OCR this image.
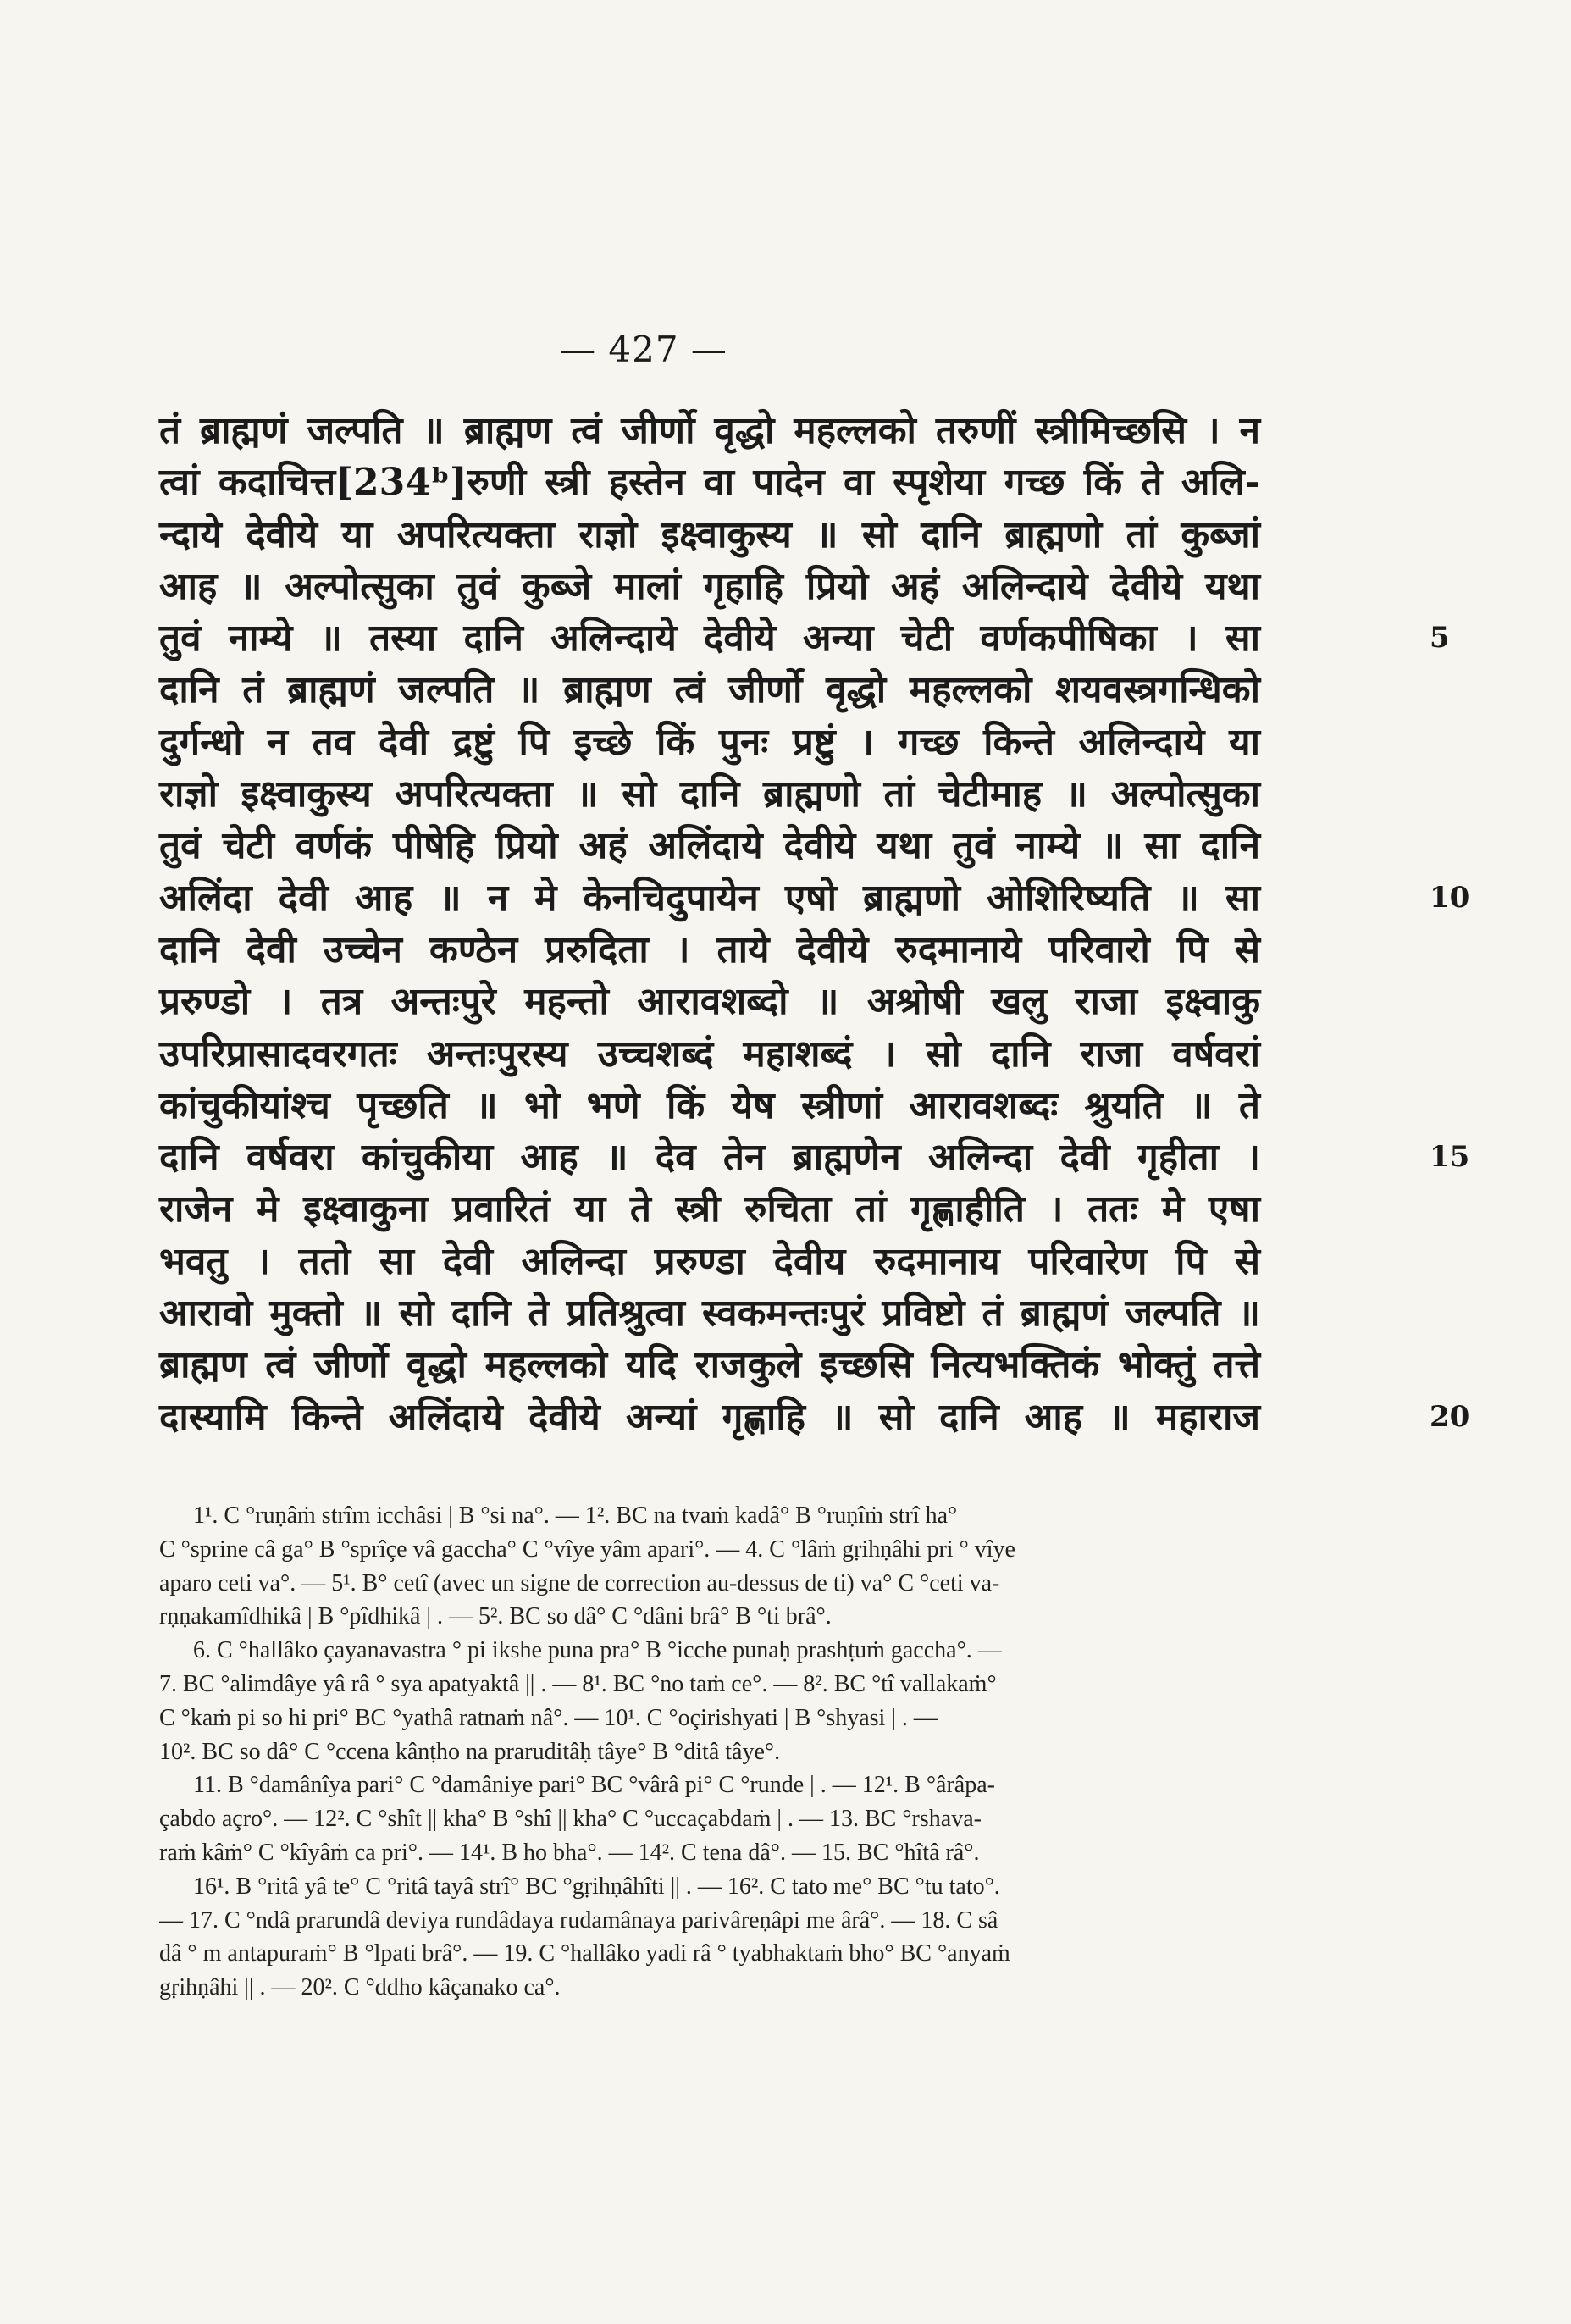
— 427 —
तं ब्राह्मणं जल्पति ॥ ब्राह्मण त्वं जीर्णो वृद्धो महल्लको तरुणीं स्त्रीमिच्छसि । न
त्वां कदाचित्त[234ᵇ]रुणी स्त्री हस्तेन वा पादेन वा स्पृशेया गच्छ किं ते अलि-
न्दाये देवीये या अपरित्यक्ता राज्ञो इक्ष्वाकुस्य ॥ सो दानि ब्राह्मणो तां कुब्जां
आह ॥ अल्पोत्सुका तुवं कुब्जे मालां गृहाहि प्रियो अहं अलिन्दाये देवीये यथा
तुवं नाम्ये ॥ तस्या दानि अलिन्दाये देवीये अन्या चेटी वर्णकपीषिका । सा	5
दानि तं ब्राह्मणं जल्पति ॥ ब्राह्मण त्वं जीर्णो वृद्धो महल्लको शयवस्त्रगन्धिको
दुर्गन्धो न तव देवी द्रष्टुं पि इच्छे किं पुनः प्रष्टुं । गच्छ किन्ते अलिन्दाये या
राज्ञो इक्ष्वाकुस्य अपरित्यक्ता ॥ सो दानि ब्राह्मणो तां चेटीमाह ॥ अल्पोत्सुका
तुवं चेटी वर्णकं पीषेहि प्रियो अहं अलिंदाये देवीये यथा तुवं नाम्ये ॥ सा दानि
अलिंदा देवी आह ॥ न मे केनचिदुपायेन एषो ब्राह्मणो ओशिरिष्यति ॥ सा	10
दानि देवी उच्चेन कण्ठेन प्ररुदिता । ताये देवीये रुदमानाये परिवारो पि से
प्ररुण्डो । तत्र अन्तःपुरे महन्तो आरावशब्दो ॥ अश्रोषी खलु राजा इक्ष्वाकु
उपरिप्रासादवरगतः अन्तःपुरस्य उच्चशब्दं महाशब्दं । सो दानि राजा वर्षवरां
कांचुकीयांश्च पृच्छति ॥ भो भणे किं येष स्त्रीणां आरावशब्दः श्रुयति ॥ ते
दानि वर्षवरा कांचुकीया आह ॥ देव तेन ब्राह्मणेन अलिन्दा देवी गृहीता ।	15
राजेन मे इक्ष्वाकुना प्रवारितं या ते स्त्री रुचिता तां गृह्णाहीति । ततः मे एषा
भवतु । ततो सा देवी अलिन्दा प्ररुण्डा देवीय रुदमानाय परिवारेण पि से
आरावो मुक्तो ॥ सो दानि ते प्रतिश्रुत्वा स्वकमन्तःपुरं प्रविष्टो तं ब्राह्मणं जल्पति ॥
ब्राह्मण त्वं जीर्णो वृद्धो महल्लको यदि राजकुले इच्छसि नित्यभक्तिकं भोक्तुं तत्ते
दास्यामि किन्ते अलिंदाये देवीये अन्यां गृह्णाहि ॥ सो दानि आह ॥ महाराज	20
1¹. C °ruṇâṁ strîm icchâsi | B °si na°. — 1². BC na tvaṁ kadâ° B °ruṇîṁ strî ha°
C °sprine câ ga° B °sprîçe vâ gaccha° C °vîye yâm apari°. — 4. C °lâṁ gṛihṇâhi pri ° vîye
aparo ceti va°. — 5¹. B° cetî (avec un signe de correction au-dessus de ti) va° C °ceti va-
rṇṇakamîdhikâ | B °pîdhikâ | . — 5². BC so dâ° C °dâni brâ° B °ti brâ°.
6. C °hallâko çayanavastra ° pi ikshe puna pra° B °icche punaḥ prashṭuṁ gaccha°. —
7. BC °alimdâye yâ râ ° sya apatyaktâ || . — 8¹. BC °no taṁ ce°. — 8². BC °tî vallakaṁ°
C °kaṁ pi so hi pri° BC °yathâ ratnaṁ nâ°. — 10¹. C °oçirishyati | B °shyasi | . —
10². BC so dâ° C °ccena kânṭho na praruditâḥ tâye° B °ditâ tâye°.
11. B °damânîya pari° C °damâniye pari° BC °vârâ pi° C °runde | . — 12¹. B °ârâpa-
çabdo açro°. — 12². C °shît || kha° B °shî || kha° C °uccaçabdaṁ | . — 13. BC °rshava-
raṁ kâṁ° C °kîyâṁ ca pri°. — 14¹. B ho bha°. — 14². C tena dâ°. — 15. BC °hîtâ râ°.
16¹. B °ritâ yâ te° C °ritâ tayâ strî° BC °gṛihṇâhîti || . — 16². C tato me° BC °tu tato°.
— 17. C °ndâ prarundâ deviya rundâdaya rudamânaya parivâreṇâpi me ârâ°. — 18. C sâ
dâ ° m antapuraṁ° B °lpati brâ°. — 19. C °hallâko yadi râ ° tyabhaktaṁ bho° BC °anyaṁ
gṛihṇâhi || . — 20². C °ddho kâçanako ca°.
